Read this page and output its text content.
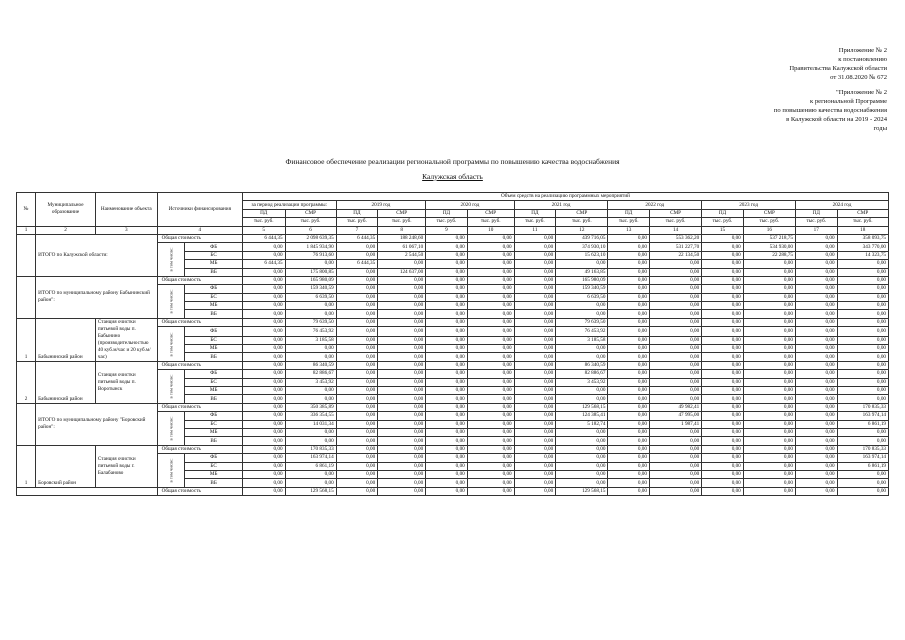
Приложение № 2
к постановлению
Правительства Калужской области
от 31.08.2020 № 672
"Приложение № 2
к региональной Программе
по повышению качества водоснабжения
в Калужской области на 2019 - 2024
годы
Финансовое обеспечение реализации региональной программы по повышению качества водоснабжения
Калужская область
№	Муниципальное образование	Наименование объекта	Источники финансирования		Объем средств на реализацию программных мероприятий													
					за период реализации программы:		2019 год		2020 год		2021 год		2022 год		2023 год		2024 год	
					ПД	СМР	ПД	СМР	ПД	СМР	ПД	СМР	ПД	СМР	ПД	СМР	ПД	СМР
					тыс. руб.	тыс. руб.	тыс. руб.	тыс. руб.	тыс. руб.	тыс. руб.	тыс. руб.	тыс. руб.	тыс. руб.	тыс. руб.	тыс. руб.	тыс. руб.	тыс. руб.	тыс. руб.
1	2	3	4		5	6	7	8	9	10	11	12	13	14	15	16	17	18
	ИТОГО по Калужской области:		Общая стоимость		6 444,35	2 098 639,35	6 444,35	188 248,60	0,00	0,00	0,00	439 716,05	0,00	553 362,20	0,00	537 218,75	0,00	358 093,75
			в том числе:	ФБ	0,00	1 845 934,90	0,00	61 067,10	0,00	0,00	0,00	374 930,10	0,00	531 227,70	0,00	534 930,00	0,00	343 770,00
				БС	0,00	76 913,60	0,00	2 544,50	0,00	0,00	0,00	15 623,10	0,00	22 134,50	0,00	22 288,75	0,00	14 323,75
				МБ	6 444,35	0,00	6 444,35	0,00	0,00	0,00	0,00	0,00	0,00	0,00	0,00	0,00	0,00	0,00
				ВБ	0,00	175 800,85	0,00	124 637,00	0,00	0,00	0,00	49 163,85	0,00	0,00	0,00	0,00	0,00	0,00
	ИТОГО по муниципальному району Бабынинский район":		Общая стоимость		0,00	165 980,09	0,00	0,00	0,00	0,00	0,00	165 980,09	0,00	0,00	0,00	0,00	0,00	0,00
			в том числе:	ФБ	0,00	159 340,59	0,00	0,00	0,00	0,00	0,00	159 340,59	0,00	0,00	0,00	0,00	0,00	0,00
				БС	0,00	6 639,50	0,00	0,00	0,00	0,00	0,00	6 639,50	0,00	0,00	0,00	0,00	0,00	0,00
				МБ	0,00	0,00	0,00	0,00	0,00	0,00	0,00	0,00	0,00	0,00	0,00	0,00	0,00	0,00
				ВБ	0,00	0,00	0,00	0,00	0,00	0,00	0,00	0,00	0,00	0,00	0,00	0,00	0,00	0,00
1	Бабынинский район	Станция очистки питьевой воды п. Бабынино (производительностью 40 куб.м/час и 20 куб.м/час)	Общая стоимость		0,00	79 639,50	0,00	0,00	0,00	0,00	0,00	79 639,50	0,00	0,00	0,00	0,00	0,00	0,00
			в том числе:	ФБ	0,00	76 453,92	0,00	0,00	0,00	0,00	0,00	76 453,92	0,00	0,00	0,00	0,00	0,00	0,00
				БС	0,00	3 185,58	0,00	0,00	0,00	0,00	0,00	3 185,58	0,00	0,00	0,00	0,00	0,00	0,00
				МБ	0,00	0,00	0,00	0,00	0,00	0,00	0,00	0,00	0,00	0,00	0,00	0,00	0,00	0,00
				ВБ	0,00	0,00	0,00	0,00	0,00	0,00	0,00	0,00	0,00	0,00	0,00	0,00	0,00	0,00
2	Бабынинский район	Станция очистки питьевой воды п. Воротынск	Общая стоимость		0,00	86 340,59	0,00	0,00	0,00	0,00	0,00	86 340,59	0,00	0,00	0,00	0,00	0,00	0,00
			в том числе:	ФБ	0,00	82 886,67	0,00	0,00	0,00	0,00	0,00	82 886,67	0,00	0,00	0,00	0,00	0,00	0,00
				БС	0,00	3 453,92	0,00	0,00	0,00	0,00	0,00	3 453,92	0,00	0,00	0,00	0,00	0,00	0,00
				МБ	0,00	0,00	0,00	0,00	0,00	0,00	0,00	0,00	0,00	0,00	0,00	0,00	0,00	0,00
				ВБ	0,00	0,00	0,00	0,00	0,00	0,00	0,00	0,00	0,00	0,00	0,00	0,00	0,00	0,00
	ИТОГО по муниципальному району "Боровский район":		Общая стоимость		0,00	350 385,89	0,00	0,00	0,00	0,00	0,00	129 568,15	0,00	49 982,41	0,00	0,00	0,00	170 835,33
			в том числе:	ФБ	0,00	336 354,55	0,00	0,00	0,00	0,00	0,00	124 385,41	0,00	47 995,00	0,00	0,00	0,00	163 974,14
				БС	0,00	14 031,34	0,00	0,00	0,00	0,00	0,00	5 182,74	0,00	1 987,41	0,00	0,00	0,00	6 861,19
				МБ	0,00	0,00	0,00	0,00	0,00	0,00	0,00	0,00	0,00	0,00	0,00	0,00	0,00	0,00
				ВБ	0,00	0,00	0,00	0,00	0,00	0,00	0,00	0,00	0,00	0,00	0,00	0,00	0,00	0,00
1	Боровский район	Станция очистки питьевой воды г. Балабаново	Общая стоимость		0,00	170 835,33	0,00	0,00	0,00	0,00	0,00	0,00	0,00	0,00	0,00	0,00	0,00	170 835,33
			в том числе:	ФБ	0,00	163 974,14	0,00	0,00	0,00	0,00	0,00	0,00	0,00	0,00	0,00	0,00	0,00	163 974,14
				БС	0,00	6 861,19	0,00	0,00	0,00	0,00	0,00	0,00	0,00	0,00	0,00	0,00	0,00	6 861,19
				МБ	0,00	0,00	0,00	0,00	0,00	0,00	0,00	0,00	0,00	0,00	0,00	0,00	0,00	0,00
				ВБ	0,00	0,00	0,00	0,00	0,00	0,00	0,00	0,00	0,00	0,00	0,00	0,00	0,00	0,00
			Общая стоимость		0,00	129 568,15	0,00	0,00	0,00	0,00	0,00	129 568,15	0,00	0,00	0,00	0,00	0,00	0,00
